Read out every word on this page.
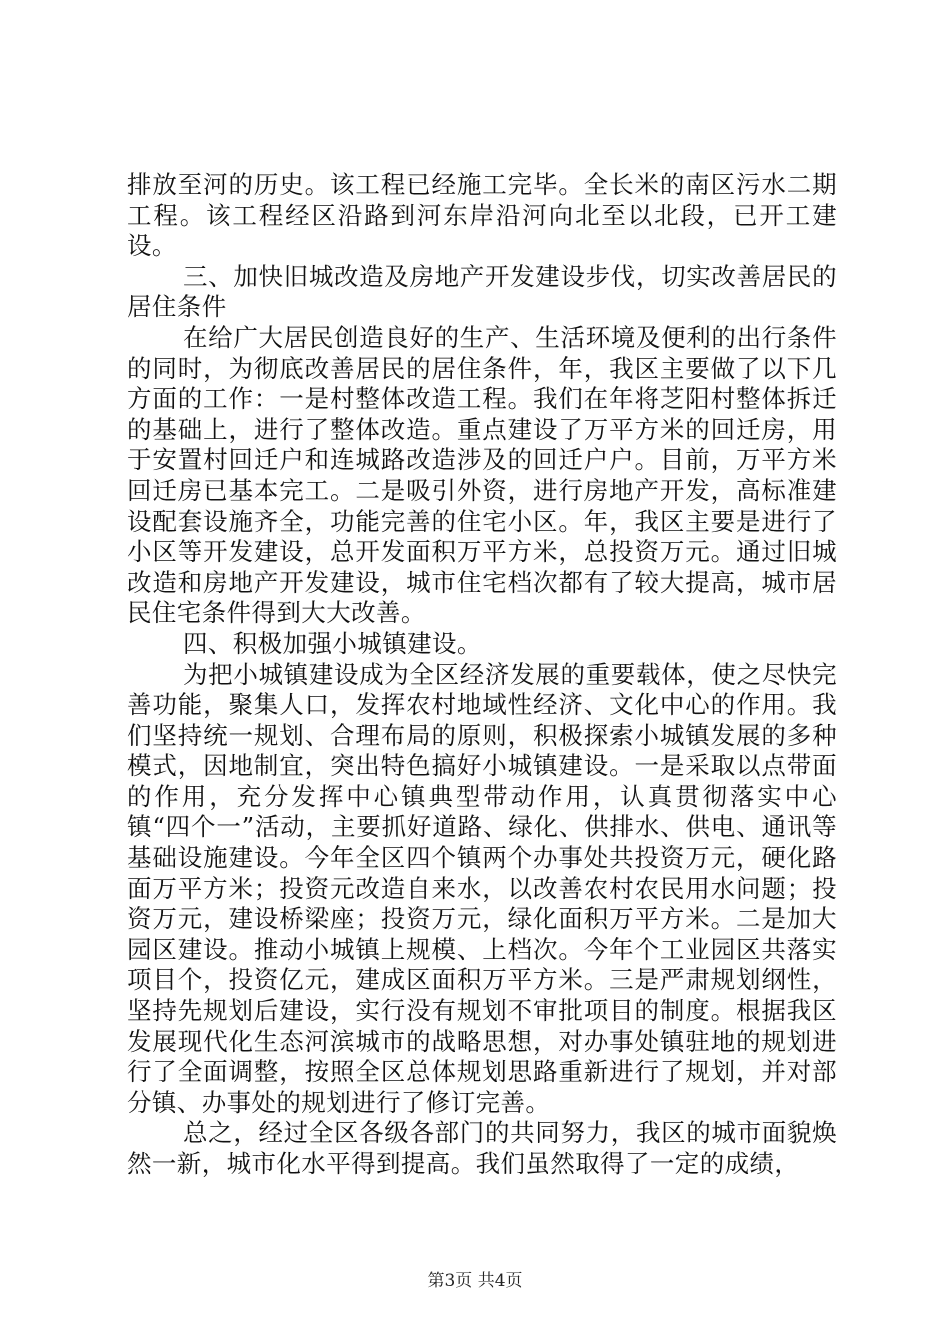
排放至河的历史。该工程已经施工完毕。全长米的南区污水二期工程。该工程经区沿路到河东岸沿河向北至以北段，已开工建设。

三、加快旧城改造及房地产开发建设步伐，切实改善居民的居住条件

在给广大居民创造良好的生产、生活环境及便利的出行条件的同时，为彻底改善居民的居住条件，年，我区主要做了以下几方面的工作：一是村整体改造工程。我们在年将芝阳村整体拆迁的基础上，进行了整体改造。重点建设了万平方米的回迁房，用于安置村回迁户和连城路改造涉及的回迁户户。目前，万平方米回迁房已基本完工。二是吸引外资，进行房地产开发，高标准建设配套设施齐全，功能完善的住宅小区。年，我区主要是进行了小区等开发建设，总开发面积万平方米，总投资万元。通过旧城改造和房地产开发建设，城市住宅档次都有了较大提高，城市居民住宅条件得到大大改善。

四、积极加强小城镇建设。

为把小城镇建设成为全区经济发展的重要载体，使之尽快完善功能，聚集人口，发挥农村地域性经济、文化中心的作用。我们坚持统一规划、合理布局的原则，积极探索小城镇发展的多种模式，因地制宜，突出特色搞好小城镇建设。一是采取以点带面的作用，充分发挥中心镇典型带动作用，认真贯彻落实中心镇“四个一”活动，主要抓好道路、绿化、供排水、供电、通讯等基础设施建设。今年全区四个镇两个办事处共投资万元，硬化路面万平方米；投资元改造自来水，以改善农村农民用水问题；投资万元，建设桥梁座；投资万元，绿化面积万平方米。二是加大园区建设。推动小城镇上规模、上档次。今年个工业园区共落实项目个，投资亿元，建成区面积万平方米。三是严肃规划纲性，坚持先规划后建设，实行没有规划不审批项目的制度。根据我区发展现代化生态河滨城市的战略思想，对办事处镇驻地的规划进行了全面调整，按照全区总体规划思路重新进行了规划，并对部分镇、办事处的规划进行了修订完善。

总之，经过全区各级各部门的共同努力，我区的城市面貌焕然一新，城市化水平得到提高。我们虽然取得了一定的成绩，

第3页 共4页
